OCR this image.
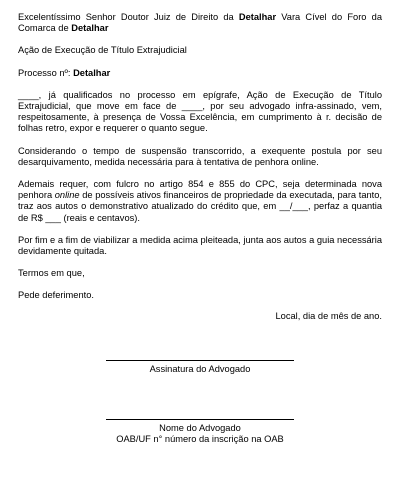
Excelentíssimo Senhor Doutor Juiz de Direito da Detalhar Vara Cível do Foro da Comarca de Detalhar

Ação de Execução de Título Extrajudicial

Processo nº: Detalhar

____, já qualificados no processo em epígrafe, Ação de Execução de Título Extrajudicial, que move em face de ____, por seu advogado infra-assinado, vem, respeitosamente, à presença de Vossa Excelência, em cumprimento à r. decisão de folhas retro, expor e requerer o quanto segue.

Considerando o tempo de suspensão transcorrido, a exequente postula por seu desarquivamento, medida necessária para à tentativa de penhora online.

Ademais requer, com fulcro no artigo 854 e 855 do CPC, seja determinada nova penhora online de possíveis ativos financeiros de propriedade da executada, para tanto, traz aos autos o demonstrativo atualizado do crédito que, em __/___, perfaz a quantia de R$ ___ (reais e centavos).

Por fim e a fim de viabilizar a medida acima pleiteada, junta aos autos a guia necessária devidamente quitada.

Termos em que,

Pede deferimento.

Local, dia de mês de ano.

Assinatura do Advogado

Nome do Advogado

OAB/UF n° número da inscrição na OAB
